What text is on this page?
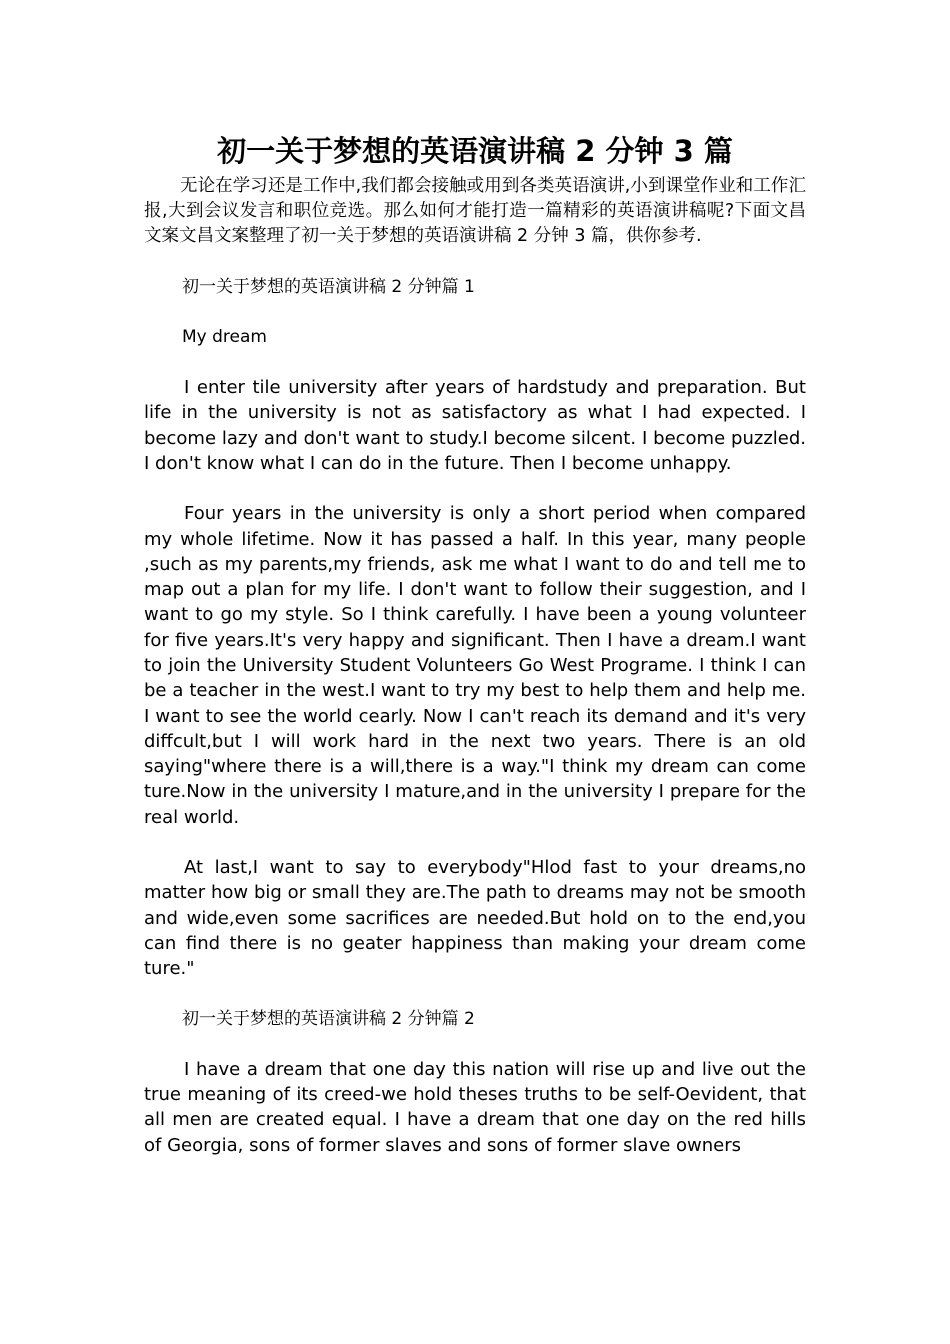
初一关于梦想的英语演讲稿 2 分钟 3 篇

无论在学习还是工作中,我们都会接触或用到各类英语演讲,小到课堂作业和工作汇报,大到会议发言和职位竞选。那么如何才能打造一篇精彩的英语演讲稿呢?下面文昌文案文昌文案整理了初一关于梦想的英语演讲稿 2 分钟 3 篇，供你参考.

初一关于梦想的英语演讲稿 2 分钟篇 1

My dream

I enter tile university after years of hardstudy and preparation. But life in the university is not as satisfactory as what I had expected. I become lazy and don't want to study.I become silcent. I become puzzled. I don't know what I can do in the future. Then I become unhappy.

Four years in the university is only a short period when compared my whole lifetime. Now it has passed a half. In this year, many people ,such as my parents,my friends, ask me what I want to do and tell me to map out a plan for my life. I don't want to follow their suggestion, and I want to go my style. So I think carefully. I have been a young volunteer for five years.It's very happy and significant. Then I have a dream.I want to join the University Student Volunteers Go West Programe. I think I can be a teacher in the west.I want to try my best to help them and help me. I want to see the world cearly. Now I can't reach its demand and it's very diffcult,but I will work hard in the next two years. There is an old saying"where there is a will,there is a way."I think my dream can come ture.Now in the university I mature,and in the university I prepare for the real world.

At last,I want to say to everybody"Hlod fast to your dreams,no matter how big or small they are.The path to dreams may not be smooth and wide,even some sacrifices are needed.But hold on to the end,you can find there is no geater happiness than making your dream come ture."

初一关于梦想的英语演讲稿 2 分钟篇 2

I have a dream that one day this nation will rise up and live out the true meaning of its creed-we hold theses truths to be self-Oevident, that all men are created equal. I have a dream that one day on the red hills of Georgia, sons of former slaves and sons of former slave owners
